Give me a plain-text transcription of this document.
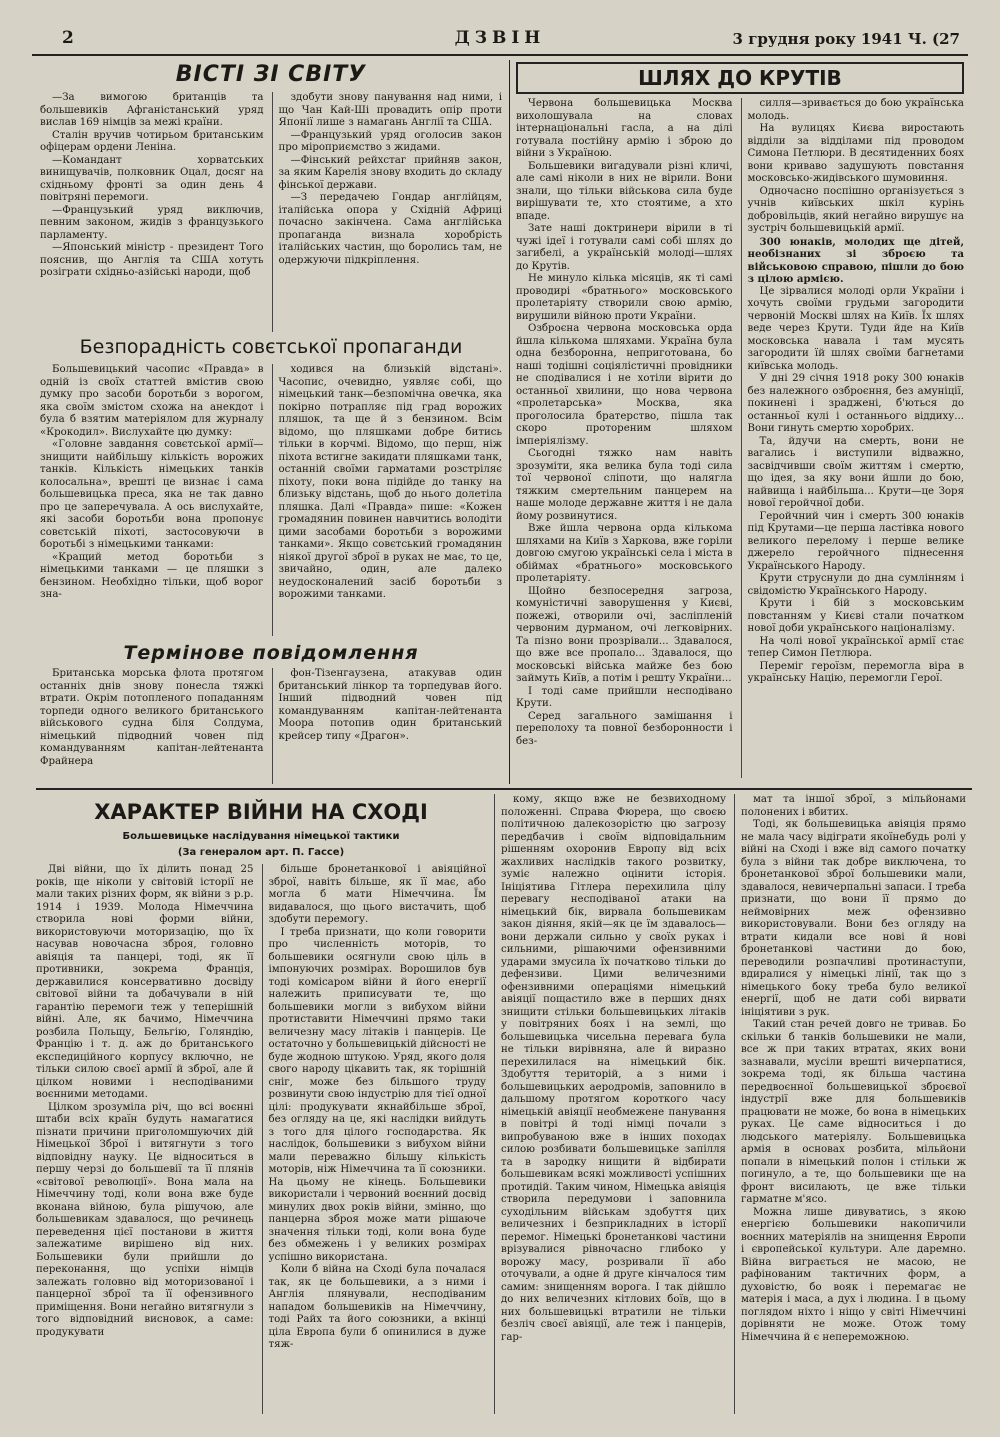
2	ДЗВІН	3 грудня року 1941 Ч. (27
ВІСТІ ЗІ СВІТУ

—За вимогою британців та большевиків Афганістанський уряд вислав 169 німців за межі країни.

Сталін вручив чотирьом британським офіцерам ордени Леніна.

—Командант хорватських винищувачів, полковник Оцал, досяг на східньому фронті за один день 4 повітряні перемоги.

—Французький уряд виключив, певним законом, жидів з французького парламенту.

—Японський міністр - президент Того пояснив, що Англія та США хотуть розіграти східньо-азійські народи, щоб

здобути знову панування над ними, і що Чан Кай-Ші провадить опір проти Японії лише з намагань Англії та США.

—Французький уряд оголосив закон про міроприємство з жидами.

—Фінський рейхстаг прийняв закон, за яким Карелія знову входить до складу фінської держави.

—З передачею Гондар англійцям, італійська опора у Східній Африці почасно закінчена. Сама англійська пропаганда визнала хоробрість італійських частин, що боролись там, не одержуючи підкріплення.

Безпорадність совєтської пропаганди

Большевицький часопис «Правда» в одній із своїх статтей вмістив свою думку про засоби боротьби з ворогом, яка своїм змістом схожа на анекдот і була б взятим матеріялом для журналу «Крокодил». Вислухайте цю думку:

«Головне завдання совєтської армії—знищити найбільшу кількість ворожих танків. Кількість німецьких танків колосальна», врешті це визнає і сама большевицька преса, яка не так давно про це заперечувала. А ось вислухайте, які засоби боротьби вона пропонує совєтській піхоті, застосовуючи в боротьбі з німецькими танками:

«Кращий метод боротьби з німецькими танками — це пляшки з бензином. Необхідно тільки, щоб ворог зна-

ходився на близькій відстані». Часопис, очевидно, уявляє собі, що німецький танк—безпомічна овечка, яка покірно потрапляє під град ворожих пляшок, та ще й з бензином. Всім відомо, що пляшками добре битись тільки в корчмі. Відомо, що перш, ніж піхота встигне закидати пляшками танк, останній своїми гарматами розстріляє піхоту, поки вона підійде до танку на близьку відстань, щоб до нього долетіла пляшка. Далі «Правда» пише: «Кожен громадянин повинен навчитись володіти цими засобами боротьби з ворожими танками». Якщо совєтський громадянин ніякої другої зброї в руках не має, то це, звичайно, один, але далеко неудосконалений засіб боротьби з ворожими танками.

Термінове повідомлення

Британська морська флота протягом останніх днів знову понесла тяжкі втрати. Окрім потопленого попаданням торпеди одного великого британського військового судна біля Солдума, німецький підводний човен під командуванням капітан-лейтенанта Фрайнера

фон-Тізенгаузена, атакував один британський лінкор та торпедував його. Інший підводний човен під командуванням капітан-лейтенанта Моора потопив один британський крейсер типу «Драгон».

ШЛЯХ ДО КРУТІВ

Червона большевицька Москва вихолошувала на словах інтернаціональні гасла, а на ділі готувала постійну армію і зброю до війни з Україною.

Большевики вигадували різні кличі, але самі ніколи в них не вірили. Вони знали, що тільки військова сила буде вирішувати те, хто стоятиме, а хто впаде.

Зате наші доктринери вірили в ті чужі ідеї і готували самі собі шлях до загибелі, а українській молоді—шлях до Крутів.

Не минуло кілька місяців, як ті самі проводирі «братнього» московського пролетаріяту створили свою армію, вирушили війною проти України.

Озброєна червона московська орда йшла кількома шляхами. Україна була одна безборонна, неприготована, бо наші тодішні соціялістичні провідники не сподівалися і не хотіли вірити до останньої хвилини, що нова червона «пролетарська» Москва, яка проголосила братерство, пішла так скоро протореним шляхом імперіялізму.

Сьогодні тяжко нам навіть зрозуміти, яка велика була тоді сила тої червоної сліпоти, що налягла тяжким смертельним панцерем на наше молоде державне життя і не дала йому розвинутися.

Вже йшла червона орда кількома шляхами на Київ з Харкова, вже горіли довгою смугою українські села і міста в обіймах «братнього» московського пролетаріяту.

Щойно безпосередня загроза, комуністичні заворушення у Києві, пожежі, отворили очі, засліпленій червоним дурманом, очі легковірних. Та пізно вони прозрівали... Здавалося, що вже все пропало... Здавалося, що московські війська майже без бою займуть Київ, а потім і решту України...

І тоді саме прийшли несподівано Крути.

Серед загального замішання і переполоху та повної безборонности і без-

силля—зривається до бою українська молодь.

На вулицях Києва виростають відділи за відділами під проводом Симона Петлюри. В десятиденних боях вони кривавo задушують повстання московсько-жидівського шумовиння.

Одночасно поспішно організується з учнів київських шкіл курінь добровільців, який негайно вирушує на зустріч большевицькій армії.

300 юнаків, молодих ще дітей, необізнаних зі зброєю та військовою справою, пішли до бою з цілою армією.

Це зірвалися молоді орли України і хочуть своїми грудьми загородити червоній Москві шлях на Київ. Їх шлях веде через Крути. Туди йде на Київ московська навала і там мусять загородити їй шлях своїми багнетами київська молодь.

У дні 29 січня 1918 року 300 юнаків без належного озброєння, без амуніції, покинені і зраджені, б'ються до останньої кулі і останнього віддиху... Вони гинуть смертю хоробрих.

Та, йдучи на смерть, вони не вагались і виступили відважно, засвідчивши своїм життям і смертю, що ідея, за яку вони йшли до бою, найвища і найбільша... Крути—це Зоря нової геройчної доби.

Геройчний чин і смерть 300 юнаків під Крутами—це перша ластівка нового великого перелому і перше велике джерело геройчного піднесення Українського Народу.

Крути струснули до дна сумлінням і свідомістю Українського Народу.

Крути і бій з московським повстанням у Києві стали початком нової доби українського націоналізму.

На чолі нової української армії стає тепер Симон Петлюра.

Переміг героїзм, перемогла віра в українську Націю, перемогли Герої.

ХАРАКТЕР ВІЙНИ НА СХОДІ
Большевицьке наслідування німецької тактики
(За генералом арт. П. Гассе)

Дві війни, що їх ділить понад 25 років, ще ніколи у світовій історії не мали таких різних форм, як війни з р.р. 1914 і 1939. Молода Німеччина створила нові форми війни, використовуючи моторизацію, що їх насував новочасна зброя, головно авіяція та панцері, тоді, як її противники, зокрема Франція, державилися консервативно досвіду світової війни та добачували в ній гарантію перемоги теж у теперішній війні. Але, як бачимо, Німеччина розбила Польщу, Бельгію, Голяндію, Францію і т. д. аж до британського експедиційного корпусу включно, не тільки силою своєї армії й зброї, але й цілком новими і несподіваними воєнними методами.

Цілком зрозуміла річ, що всі воєнні штаби всіх країн будуть намагатися пізнати причини приголомшуючих дій Німецької Зброї і витягнути з того відповідну науку. Це відноситься в першу черзі до большевії та її плянів «світової революції». Вона мала на Німеччину тоді, коли вона вже буде вконана війною, була рішучою, але большевикам здавалося, що речинець переведення цієї постанови в життя залежатиме вирішено від них. Большевики були прийшли до переконання, що успіхи німців залежать головно від моторизованої і панцерної зброї та її офензивного приміщення. Вони негайно витягнули з того відповідний висновок, а саме: продукувати

більше бронетанкової і авіяційної зброї, навіть більше, як її має, або могла б мати Німеччина. Їм видавалося, що цього вистачить, щоб здобути перемогу.

І треба признати, що коли говорити про численність моторів, то большевики осягнули свою ціль в імпонуючих розмірах. Ворошилов був тоді комісаром війни й його енергії належить приписувати те, що большевики могли з вибухом війни протиставити Німеччині прямо таки величезну масу літаків і панцерів. Це остаточно у большевицькій дійсності не буде жодною штукою. Уряд, якого доля свого народу цікавить так, як торішній сніг, може без більшого труду розвинути свою індустрію для тієї одної цілі: продукувати якнайбільше зброї, без огляду на це, які наслідки вийдуть з того для цілого господарства. Як наслідок, большевики з вибухом війни мали переважно більшу кількість моторів, ніж Німеччина та її союзники. На цьому не кінець. Большевики використали і червоний воєнний досвід минулих двох років війни, змінно, що панцерна зброя може мати рішаюче значення тільки тоді, коли вона буде без обмежень і у великих розмірах успішно використана.

Коли б війна на Сході була почалася так, як це большевики, а з ними і Англія плянували, несподіваним нападом большевиків на Німеччину, тоді Райх та його союзники, а вкінці ціла Европа були б опинилися в дуже тяж-

кому, якщо вже не безвиходному положенні. Справа Фюрера, що своєю політичною далекозорістю цю загрозу передбачив і своїм відповідальним рішенням охоронив Европу від всіх жахливих наслідків такого розвитку, зуміє належно оцінити історія. Ініціятива Гітлера перехилила цілу перевагу несподіваної атаки на німецький бік, вирвала большевикам закон діяння, якій—як це їм здавалось—вони держали сильно у своїх руках і сильними, рішаючими офензивними ударами змусила їх початково тільки до дефензиви. Цими величезними офензивними операціями німецький авіяції пощастило вже в перших днях знищити стільки большевицьких літаків у повітряних боях і на землі, що большевицька чисельна перевага була не тільки вирівняна, але й виразно перехилилася на німецький бік. Здобуття територій, а з ними і большевицьких аеродромів, заповнило в дальшому протягом короткого часу німецькій авіяції необмежене панування в повітрі й тоді німці почали з випробуваною вже в інших походах силою розбивати большевицьке запілля та в зародку нищити й відбирати большевикам всякі можливості успішних протидій. Таким чином, Німецька авіяція створила передумови і заповнила суходільним військам здобуття цих величезних і безприкладних в історії перемог. Німецькі бронетанкові частини врізувалися рівночасно глибоко у ворожу масу, розривали її або оточували, а одне й друге кінчалося тим самим: знищенням ворога. І так дійшло до них величезних кітлових боїв, що в них большевицькі втратили не тільки безліч своєї авіяції, але теж і панцерів, гар-

мат та іншої зброї, з мільйонами полонених і вбитих.

Тоді, як большевицька авіяція прямо не мала часу відіграти якоїнебудь ролі у війні на Сході і вже від самого початку була з війни так добре виключена, то бронетанкової зброї большевики мали, здавалося, невичерпальні запаси. І треба признати, що вони її прямо до неймовірних меж офензивно використовували. Вони без огляду на втрати кидали все нові й нові бронетанкові частини до бою, переводили розпачливі протинаступи, вдиралися у німецькі лінії, так що з німецького боку треба було великої енергії, щоб не дати собі вирвати ініціятиви з рук.

Такий стан речей довго не тривав. Бо скільки б танків большевики не мали, все ж при таких втратах, яких вони зазнавали, мусіли врешті вичерпатися, зокрема тоді, як більша частина передвоєнної большевицької зброєвої індустрії вже для большевиків працювати не може, бо вона в німецьких руках. Це саме відноситься і до людського матеріялу. Большевицька армія в основах розбита, мільйони попали в німецький полон і стільки ж погинуло, а те, що большевики ще на фронт висилають, це вже тільки гарматне м'ясо.

Можна лише дивуватись, з якою енергією большевики накопичили воєнних матеріялів на знищення Европи і європейської культури. Але даремно. Війна виграється не масою, не рафінованим тактичних форм, а духовістю, бо вояк і перемагає не матерія і маса, а дух і людина. І в цьому поглядом ніхто і ніщо у світі Німеччині дорівняти не може. Отож тому Німеччина й є непереможною.
